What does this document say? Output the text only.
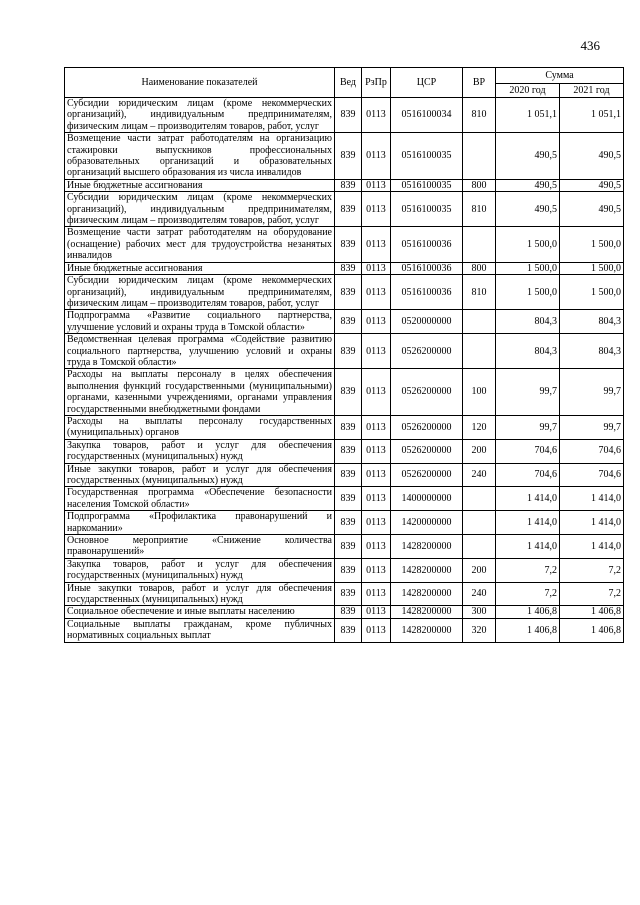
436
Наименование показателей	Вед	РзПр	ЦСР	ВР	Сумма	
					2020 год	2021 год
Субсидии юридическим лицам (кроме некоммерческих организаций), индивидуальным предпринимателям, физическим лицам – производителям товаров, работ, услуг	839	0113	0516100034	810	1 051,1	1 051,1
Возмещение части затрат работодателям на организацию стажировки выпускников профессиональных образовательных организаций и образовательных организаций высшего образования из числа инвалидов	839	0113	0516100035		490,5	490,5
Иные бюджетные ассигнования	839	0113	0516100035	800	490,5	490,5
Субсидии юридическим лицам (кроме некоммерческих организаций), индивидуальным предпринимателям, физическим лицам – производителям товаров, работ, услуг	839	0113	0516100035	810	490,5	490,5
Возмещение части затрат работодателям на оборудование (оснащение) рабочих мест для трудоустройства незанятых инвалидов	839	0113	0516100036		1 500,0	1 500,0
Иные бюджетные ассигнования	839	0113	0516100036	800	1 500,0	1 500,0
Субсидии юридическим лицам (кроме некоммерческих организаций), индивидуальным предпринимателям, физическим лицам – производителям товаров, работ, услуг	839	0113	0516100036	810	1 500,0	1 500,0
Подпрограмма «Развитие социального партнерства, улучшение условий и охраны труда в Томской области»	839	0113	0520000000		804,3	804,3
Ведомственная целевая программа «Содействие развитию социального партнерства, улучшению условий и охраны труда в Томской области»	839	0113	0526200000		804,3	804,3
Расходы на выплаты персоналу в целях обеспечения выполнения функций государственными (муниципальными) органами, казенными учреждениями, органами управления государственными внебюджетными фондами	839	0113	0526200000	100	99,7	99,7
Расходы на выплаты персоналу государственных (муниципальных) органов	839	0113	0526200000	120	99,7	99,7
Закупка товаров, работ и услуг для обеспечения государственных (муниципальных) нужд	839	0113	0526200000	200	704,6	704,6
Иные закупки товаров, работ и услуг для обеспечения государственных (муниципальных) нужд	839	0113	0526200000	240	704,6	704,6
Государственная программа «Обеспечение безопасности населения Томской области»	839	0113	1400000000		1 414,0	1 414,0
Подпрограмма «Профилактика правонарушений и наркомании»	839	0113	1420000000		1 414,0	1 414,0
Основное мероприятие «Снижение количества правонарушений»	839	0113	1428200000		1 414,0	1 414,0
Закупка товаров, работ и услуг для обеспечения государственных (муниципальных) нужд	839	0113	1428200000	200	7,2	7,2
Иные закупки товаров, работ и услуг для обеспечения государственных (муниципальных) нужд	839	0113	1428200000	240	7,2	7,2
Социальное обеспечение и иные выплаты населению	839	0113	1428200000	300	1 406,8	1 406,8
Социальные выплаты гражданам, кроме публичных нормативных социальных выплат	839	0113	1428200000	320	1 406,8	1 406,8
